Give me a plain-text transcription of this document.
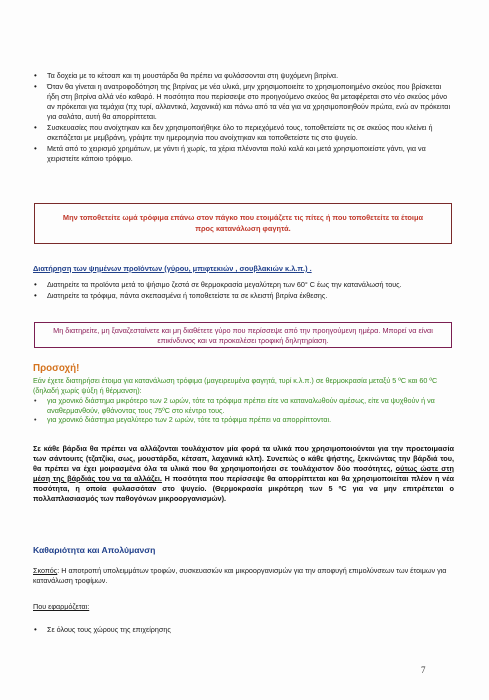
• Τα δοχεία με το κέτσαπ και τη μουστάρδα θα πρέπει να φυλάσσονται στη ψυχόμενη βιτρίνα.
• Όταν θα γίνεται η ανατροφοδότηση της βιτρίνας με νέα υλικά, μην χρησιμοποιείτε το χρησιμοποιημένο σκεύος που βρίσκεται ήδη στη βιτρίνα αλλά νέο καθαρό. Η ποσότητα που περίσσεψε στο προηγούμενο σκεύος θα μεταφέρεται στο νέο σκεύος μόνο αν πρόκειται για τεμάχια (πχ τυρί, αλλαντικά, λαχανικά) και πάνω από τα νέα για να χρησιμοποιηθούν πρώτα, ενώ αν πρόκειται για σαλάτα, αυτή θα απορρίπτεται.
• Συσκευασίες που ανοίχτηκαν και δεν χρησιμοποιήθηκε όλο το περιεχόμενό τους, τοποθετείστε τις σε σκεύος που κλείνει ή σκεπάζεται με μεμβράνη, γράψτε την ημερομηνία που ανοίχτηκαν και τοποθετείστε τις στο ψυγείο.
• Μετά από το χειρισμό χρημάτων, με γάντι ή χωρίς, τα χέρια πλένονται πολύ καλά και μετά χρησιμοποιείστε γάντι, για να χειριστείτε κάποιο τρόφιμο.
Μην τοποθετείτε ωμά τρόφιμα επάνω στον πάγκο που ετοιμάζετε τις πίτες ή που τοποθετείτε τα έτοιμα προς κατανάλωση φαγητά.
Διατήρηση των ψημένων προϊόντων (γύρου, μπιφτεκιών , σουβλακιών κ.λ.π.) .
• Διατηρείτε τα προϊόντα μετά το ψήσιμο ζεστά σε θερμοκρασία μεγαλύτερη των 60° C έως την κατανάλωσή τους.
• Διατηρείτε τα τρόφιμα, πάντα σκεπασμένα ή τοποθετείστε τα σε κλειστή βιτρίνα έκθεσης.
Μη διατηρείτε, μη ξαναζεσταίνετε και μη διαθέτετε γύρο που περίσσεψε από την προηγούμενη ημέρα. Μπορεί να είναι επικίνδυνος και να προκαλέσει τροφική δηλητηρίαση.
Προσοχή!
Εάν έχετε διατηρήσει έτοιμα για κατανάλωση τρόφιμα (μαγειρευμένα φαγητά, τυρί κ.λ.π.) σε θερμοκρασία μεταξύ 5 ºC και 60 ºC (δηλαδή χωρίς ψύξη ή θέρμανση):
• για χρονικό διάστημα μικρότερο των 2 ωρών, τότε τα τρόφιμα πρέπει είτε να καταναλωθούν αμέσως, είτε να ψυχθούν ή να αναθερμανθούν, φθάνοντας τους 75ºC στο κέντρο τους.
• για χρονικό διάστημα μεγαλύτερο των 2 ωρών, τότε τα τρόφιμα πρέπει να απορρίπτονται.
Σε κάθε βάρδια θα πρέπει να αλλάζονται τουλάχιστον μία φορά τα υλικά που χρησιμοποιούνται για την προετοιμασία των σάντουιτς (τζατζίκι, σως, μουστάρδα, κέτσαπ, λαχανικά κλπ). Συνεπώς ο κάθε ψήστης, ξεκινώντας την βάρδιά του, θα πρέπει να έχει μοιρασμένα όλα τα υλικά που θα χρησιμοποιήσει σε τουλάχιστον δύο ποσότητες, ούτως ώστε στη μέση της βάρδιάς του να τα αλλάζει. Η ποσότητα που περίσσεψε θα απορρίπτεται και θα χρησιμοποιείται πλέον η νέα ποσότητα, η οποία φυλασσόταν στο ψυγείο. (Θερμοκρασία μικρότερη των 5 ºC για να μην επιτρέπεται ο πολλαπλασιασμός των παθογόνων μικροοργανισμών).
Καθαριότητα και Απολύμανση
Σκοπός: Η αποτροπή υπολειμμάτων τροφών, συσκευασιών και μικροοργανισμών για την αποφυγή επιμολύνσεων των έτοιμων για κατανάλωση τροφίμων.
Που εφαρμόζεται:
• Σε όλους τους χώρους της επιχείρησης
7
